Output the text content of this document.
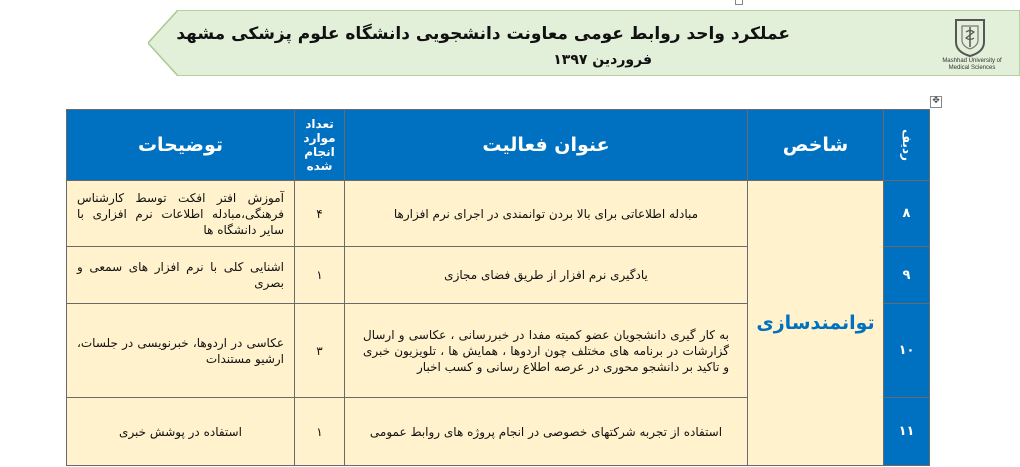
عملکرد واحد روابط عومی معاونت دانشجویی دانشگاه علوم پزشکی مشهد
فروردین ۱۳۹۷	Mashhad University of
Medical Sciences
✥
ردیف	شاخص	عنوان فعالیت	تعداد موارد انجام شده	توضیحات
۸	توانمندسازی	مبادله اطلاعاتی برای بالا بردن توانمندی در اجرای نرم افزارها	۴	آموزش افتر افکت توسط کارشناس فرهنگی،مبادله اطلاعات نرم افزاری با سایر دانشگاه ها
۹		یادگیری نرم افزار از طریق فضای مجازی	۱	اشنایی کلی با نرم افزار های سمعی و بصری
۱۰		به کار گیری دانشجویان عضو کمیته مفدا در خبررسانی ، عکاسی و ارسال گزارشات در برنامه های مختلف چون اردوها ، همایش ها ، تلویزیون خبری و تاکید بر دانشجو محوری در عرصه اطلاع رسانی و کسب اخبار	۳	عکاسی در اردوها، خبرنویسی در جلسات، ارشیو مستندات
۱۱		استفاده از تجربه شرکتهای خصوصی در انجام پروژه های روابط عمومی	۱	استفاده در پوشش خبری
